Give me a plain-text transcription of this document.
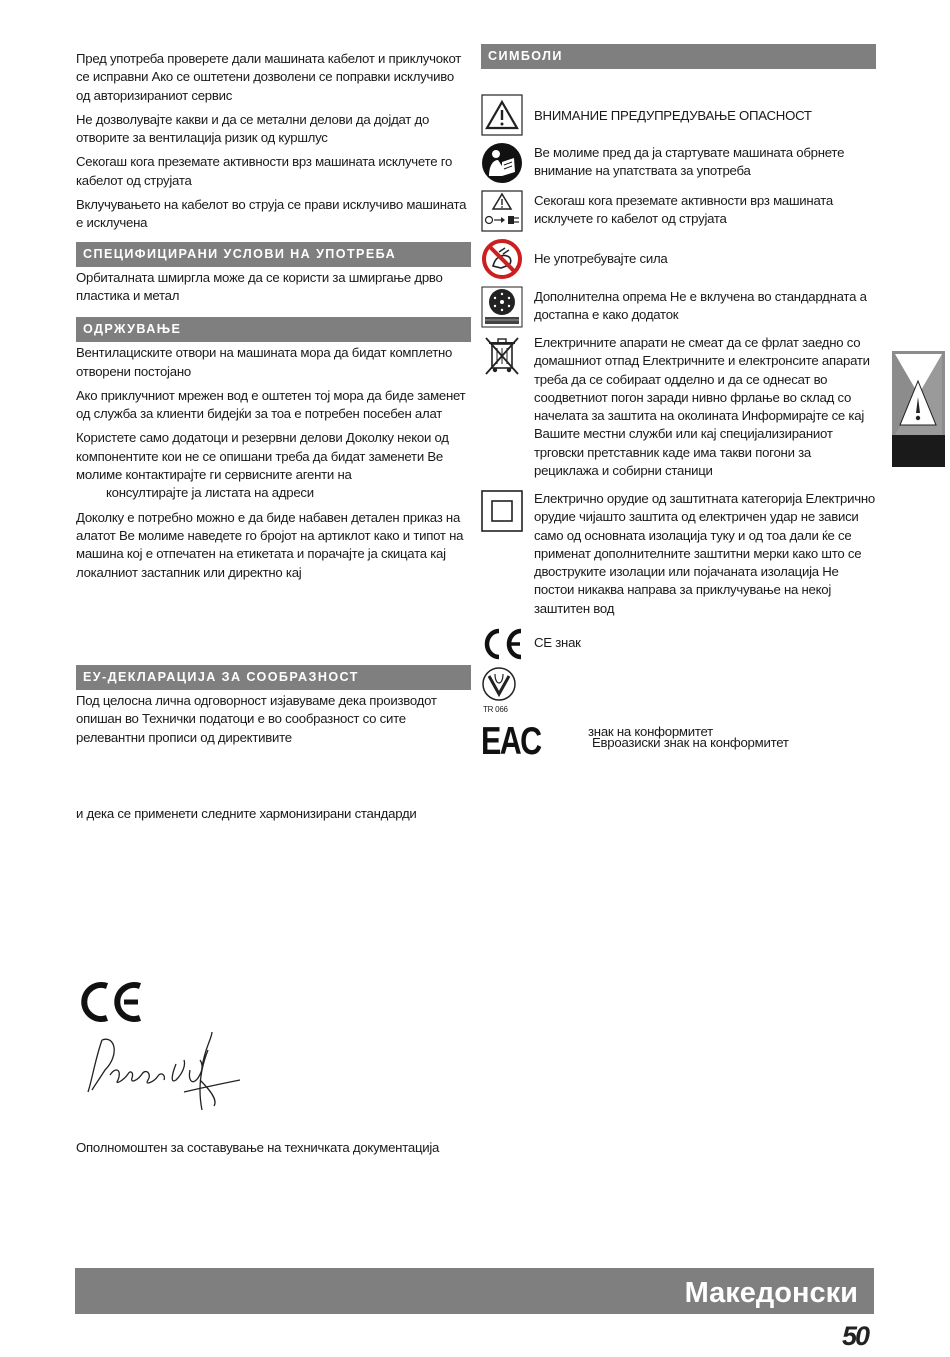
Пред употреба проверете дали машината кабелот и приклучокот се исправни Ако се оштетени дозволени се поправки исклучиво од авторизираниот сервис

Не дозволувајте какви и да се метални делови да дојдат до отворите за вентилација ризик од куршлус

Секогаш кога преземате активности врз машината исклучете го кабелот од струјата

Вклучувањето на кабелот во струја се прави исклучиво машината е исклучена

СПЕЦИФИЦИРАНИ УСЛОВИ НА УПОТРЕБА

Орбиталната шмиргла може да се користи за шмиргање дрво пластика и метал

ОДРЖУВАЊЕ

Вентилациските отвори на машината мора да бидат комплетно отворени постојано

Ако приклучниот мрежен вод е оштетен тој мора да биде заменет од служба за клиенти бидејќи за тоа е потребен посебен алат

Користете само додатоци и резервни делови Доколку некои од компонентите кои не се опишани треба да бидат заменети Ве молиме контактирајте ги сервисните агенти на

консултирајте ја листата на адреси

Доколку е потребно можно е да биде набавен детален приказ на алатот Ве молиме наведете го бројот на артиклот како и типот на машина кој е отпечатен на етикетата и порачајте ја скицата кај локалниот застапник или директно кај

ЕУ-ДЕКЛАРАЦИЈА ЗА СООБРАЗНОСТ

Под целосна лична одговорност изјавуваме дека производот опишан во Технички податоци е во сообразност со сите релевантни прописи од директивите

и дека се применети следните хармонизирани стандарди
Ополномоштен за составување на техничката документација
СИМБОЛИ
ВНИМАНИЕ ПРЕДУПРЕДУВАЊЕ ОПАСНОСТ
Ве молиме пред да ја стартувате машината обрнете внимание на упатствата за употреба
Секогаш кога преземате активности врз машината исклучете го кабелот од струјата
Не употребувајте сила
Дополнителна опрема Не е вклучена во стандардната а достапна е како додаток
Електричните апарати не смеат да се фрлат заедно со домашниот отпад Електричните и електронсите апарати треба да се собираат одделно и да се однесат во соодветниот погон заради нивно фрлање во склад со начелата за заштита на околината Информирајте се кај Вашите местни служби или кај специјализираниот трговски претставник каде има такви погони за рециклажа и собирни станици
Електрично орудие од заштитната категорија Електрично орудие чијашто заштита од електричен удар не зависи само од основната изолација туку и од тоа дали ќе се применат дополнителните заштитни мерки како што се двоструките изолации или појачаната изолација Не постои никаква направа за приклучување на некој заштитен вод
CE знак
TR 066
знак на конформитет
EAC	Евроазиски знак на конформитет
Македонски
50
